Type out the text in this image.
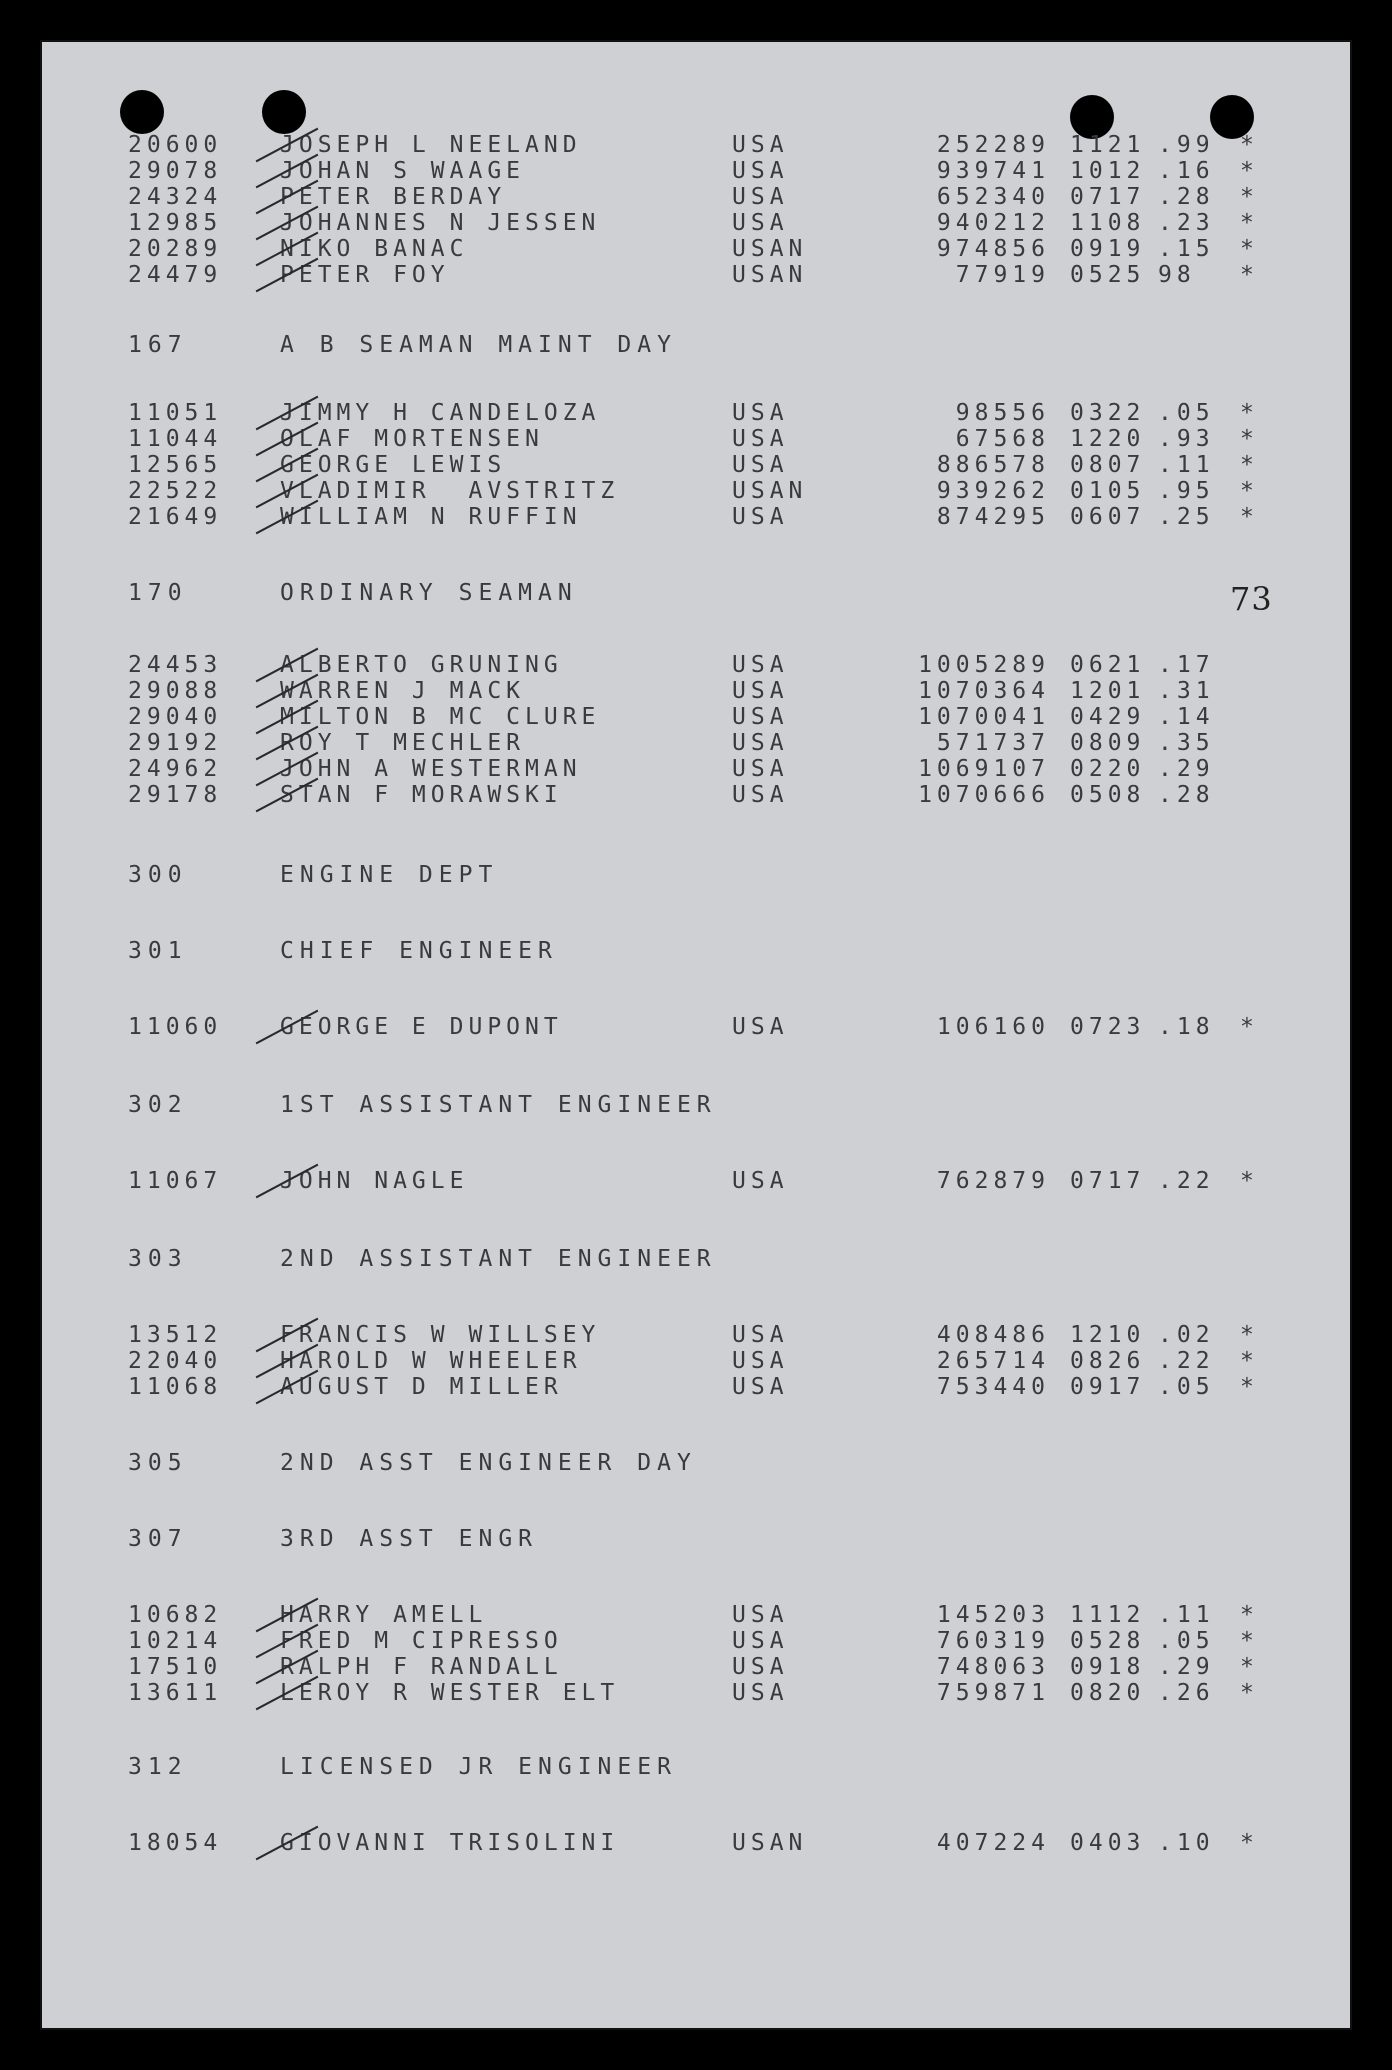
73
20600	JOSEPH L NEELAND	USA	252289 1121 .99 *
29078	JOHAN S WAAGE	USA	939741 1012 .16 *
24324	PETER BERDAY	USA	652340 0717 .28 *
12985	JOHANNES N JESSEN	USA	940212 1108 .23 *
20289	NIKO BANAC	USAN	974856 0919 .15 *
24479	PETER FOY	USAN	77919 0525 98 *
167	A B SEAMAN MAINT DAY
11051	JIMMY H CANDELOZA	USA	98556 0322 .05 *
11044	OLAF MORTENSEN	USA	67568 1220 .93 *
12565	GEORGE LEWIS	USA	886578 0807 .11 *
22522	VLADIMIR  AVSTRITZ	USAN	939262 0105 .95 *
21649	WILLIAM N RUFFIN	USA	874295 0607 .25 *
170	ORDINARY SEAMAN
24453	ALBERTO GRUNING	USA	1005289 0621 .17
29088	WARREN J MACK	USA	1070364 1201 .31
29040	MILTON B MC CLURE	USA	1070041 0429 .14
29192	ROY T MECHLER	USA	571737 0809 .35
24962	JOHN A WESTERMAN	USA	1069107 0220 .29
29178	STAN F MORAWSKI	USA	1070666 0508 .28
300	ENGINE DEPT
301	CHIEF ENGINEER
11060	GEORGE E DUPONT	USA	106160 0723 .18 *
302	1ST ASSISTANT ENGINEER
11067	JOHN NAGLE	USA	762879 0717 .22 *
303	2ND ASSISTANT ENGINEER
13512	FRANCIS W WILLSEY	USA	408486 1210 .02 *
22040	HAROLD W WHEELER	USA	265714 0826 .22 *
11068	AUGUST D MILLER	USA	753440 0917 .05 *
305	2ND ASST ENGINEER DAY
307	3RD ASST ENGR
10682	HARRY AMELL	USA	145203 1112 .11 *
10214	FRED M CIPRESSO	USA	760319 0528 .05 *
17510	RALPH F RANDALL	USA	748063 0918 .29 *
13611	LEROY R WESTER ELT	USA	759871 0820 .26 *
312	LICENSED JR ENGINEER
18054	GIOVANNI TRISOLINI	USAN	407224 0403 .10 *
